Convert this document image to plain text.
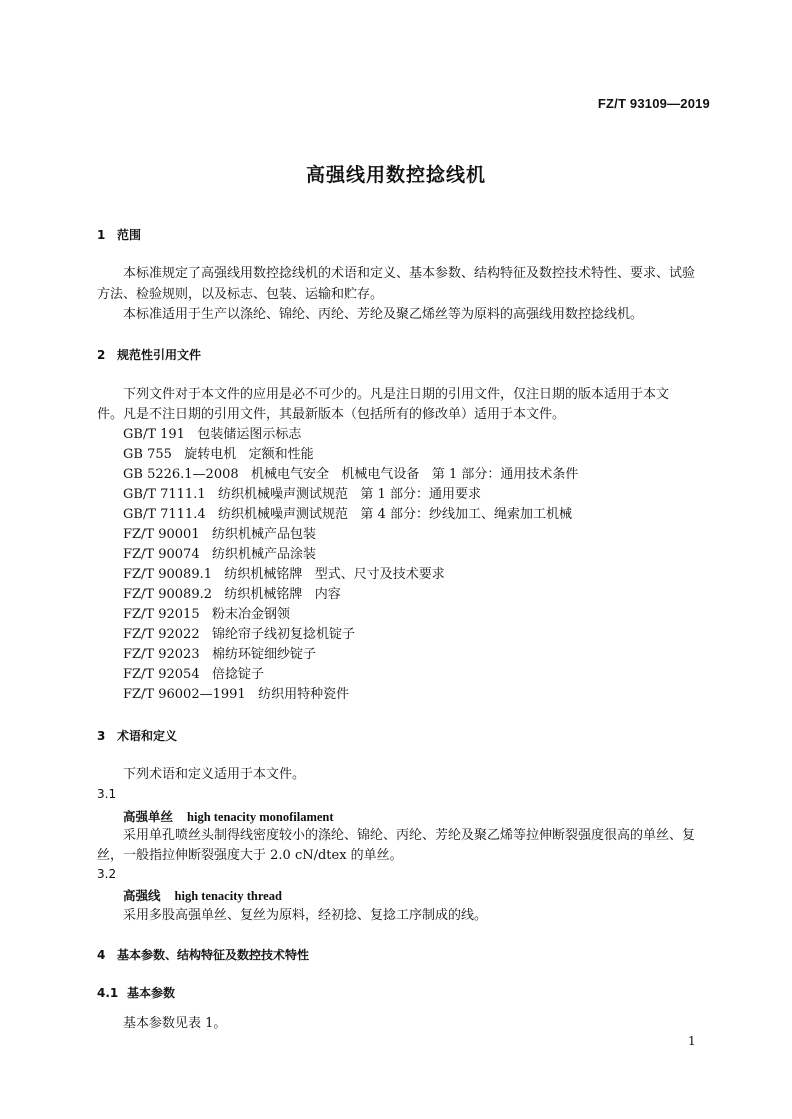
FZ/T 93109—2019
高强线用数控捻线机
1 范围
本标准规定了高强线用数控捻线机的术语和定义、基本参数、结构特征及数控技术特性、要求、试验
方法、检验规则，以及标志、包装、运输和贮存。
本标准适用于生产以涤纶、锦纶、丙纶、芳纶及聚乙烯丝等为原料的高强线用数控捻线机。
2 规范性引用文件
下列文件对于本文件的应用是必不可少的。凡是注日期的引用文件，仅注日期的版本适用于本文
件。凡是不注日期的引用文件，其最新版本（包括所有的修改单）适用于本文件。
GB/T 191   包装储运图示标志
GB 755   旋转电机   定额和性能
GB 5226.1—2008   机械电气安全   机械电气设备   第 1 部分：通用技术条件
GB/T 7111.1   纺织机械噪声测试规范   第 1 部分：通用要求
GB/T 7111.4   纺织机械噪声测试规范   第 4 部分：纱线加工、绳索加工机械
FZ/T 90001   纺织机械产品包装
FZ/T 90074   纺织机械产品涂装
FZ/T 90089.1   纺织机械铭牌   型式、尺寸及技术要求
FZ/T 90089.2   纺织机械铭牌   内容
FZ/T 92015   粉末冶金钢领
FZ/T 92022   锦纶帘子线初复捻机锭子
FZ/T 92023   棉纺环锭细纱锭子
FZ/T 92054   倍捻锭子
FZ/T 96002—1991   纺织用特种瓷件
3 术语和定义
下列术语和定义适用于本文件。
3.1
高强单丝 high tenacity monofilament
采用单孔喷丝头制得线密度较小的涤纶、锦纶、丙纶、芳纶及聚乙烯等拉伸断裂强度很高的单丝、复
丝，一般指拉伸断裂强度大于 2.0 cN/dtex 的单丝。
3.2
高强线 high tenacity thread
采用多股高强单丝、复丝为原料，经初捻、复捻工序制成的线。
4 基本参数、结构特征及数控技术特性
4.1 基本参数
基本参数见表 1。
1
